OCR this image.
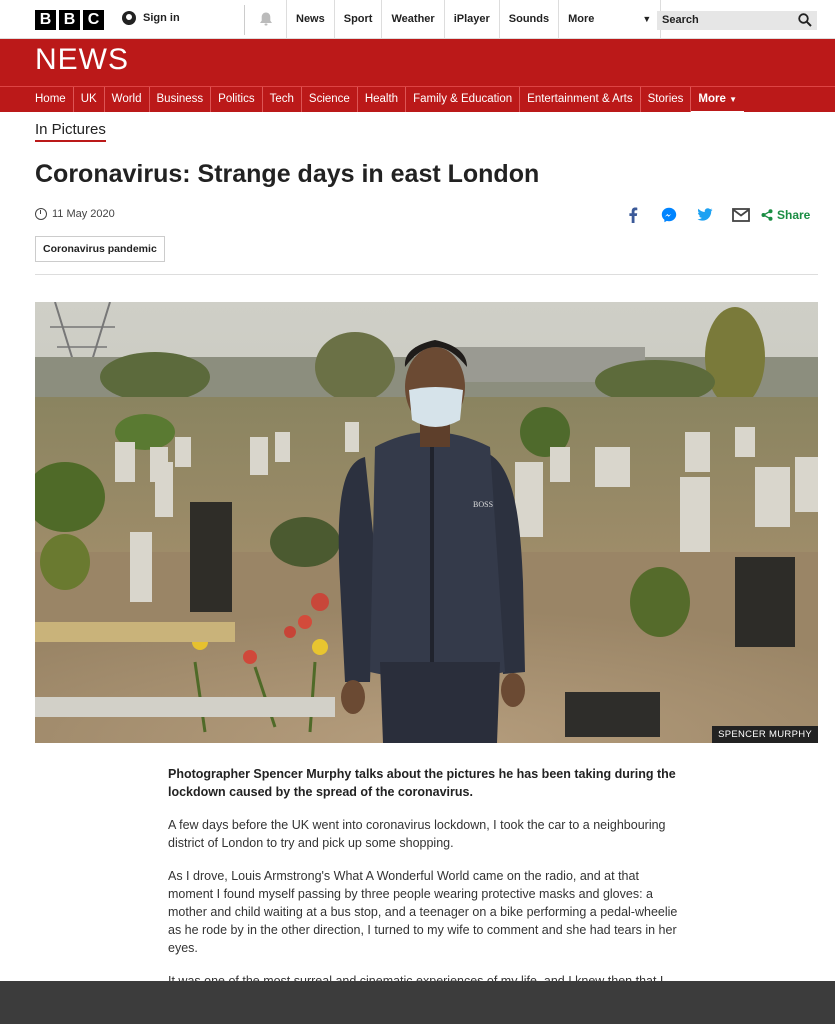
B B C	Sign in	News	Sport	Weather	iPlayer	Sounds	More	▼ Search
NEWS
Home	UK	World	Business	Politics	Tech	Science	Health	Family & Education	Entertainment & Arts	Stories	More ▼
In Pictures
Coronavirus: Strange days in east London
11 May 2020	Share
Coronavirus pandemic
BOSS
SPENCER MURPHY

Photographer Spencer Murphy talks about the pictures he has been taking during the lockdown caused by the spread of the coronavirus.

A few days before the UK went into coronavirus lockdown, I took the car to a neighbouring district of London to try and pick up some shopping.

As I drove, Louis Armstrong's What A Wonderful World came on the radio, and at that moment I found myself passing by three people wearing protective masks and gloves: a mother and child waiting at a bus stop, and a teenager on a bike performing a pedal-wheelie as he rode by in the other direction, I turned to my wife to comment and she had tears in her eyes.
